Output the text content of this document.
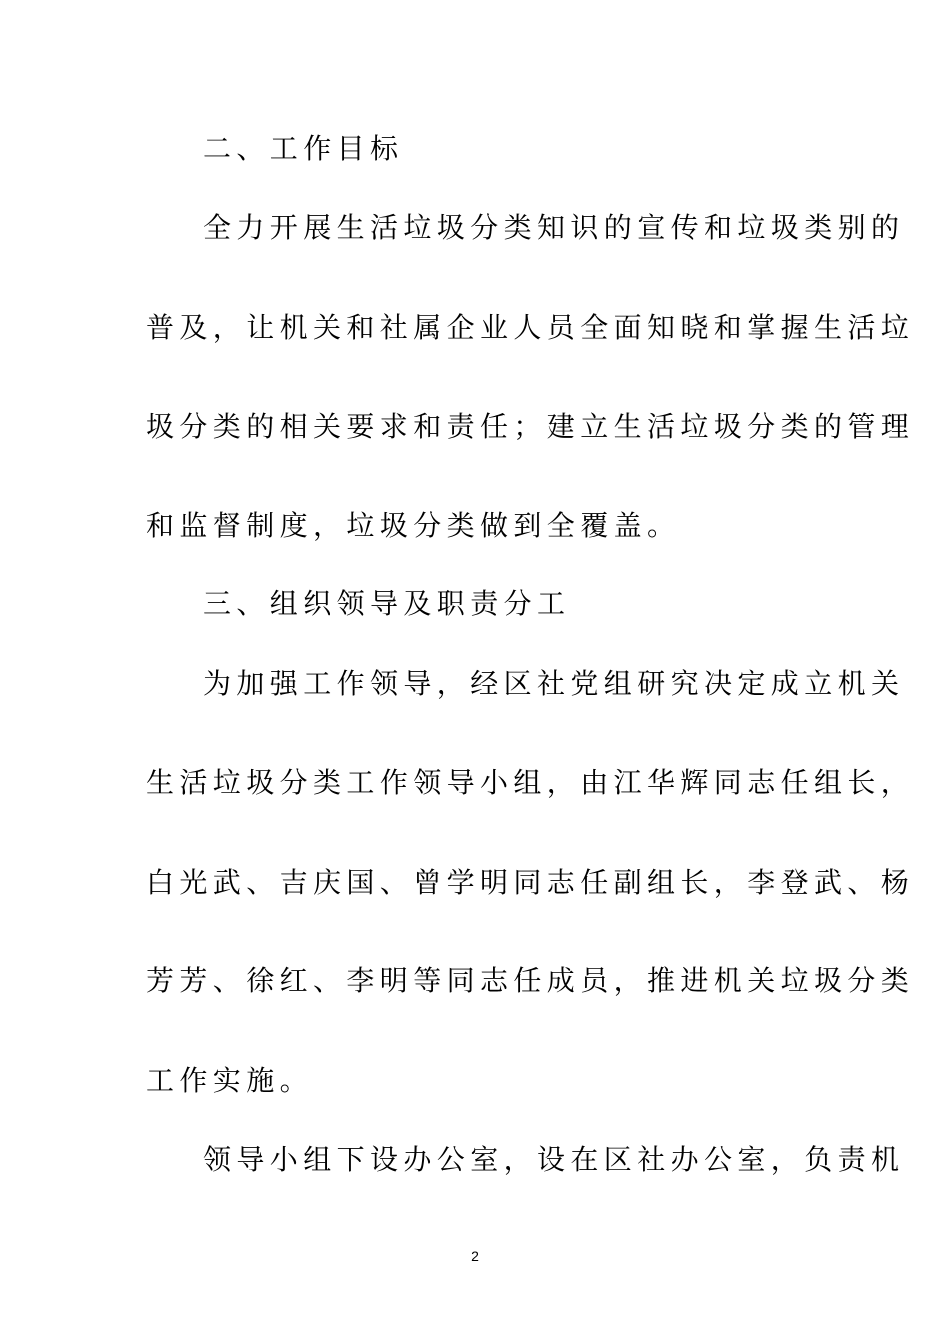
二、工作目标
全力开展生活垃圾分类知识的宣传和垃圾类别的
普及，让机关和社属企业人员全面知晓和掌握生活垃
圾分类的相关要求和责任；建立生活垃圾分类的管理
和监督制度，垃圾分类做到全覆盖。
三、组织领导及职责分工
为加强工作领导，经区社党组研究决定成立机关
生活垃圾分类工作领导小组，由江华辉同志任组长，
白光武、吉庆国、曾学明同志任副组长，李登武、杨
芳芳、徐红、李明等同志任成员，推进机关垃圾分类
工作实施。
领导小组下设办公室，设在区社办公室，负责机
2
